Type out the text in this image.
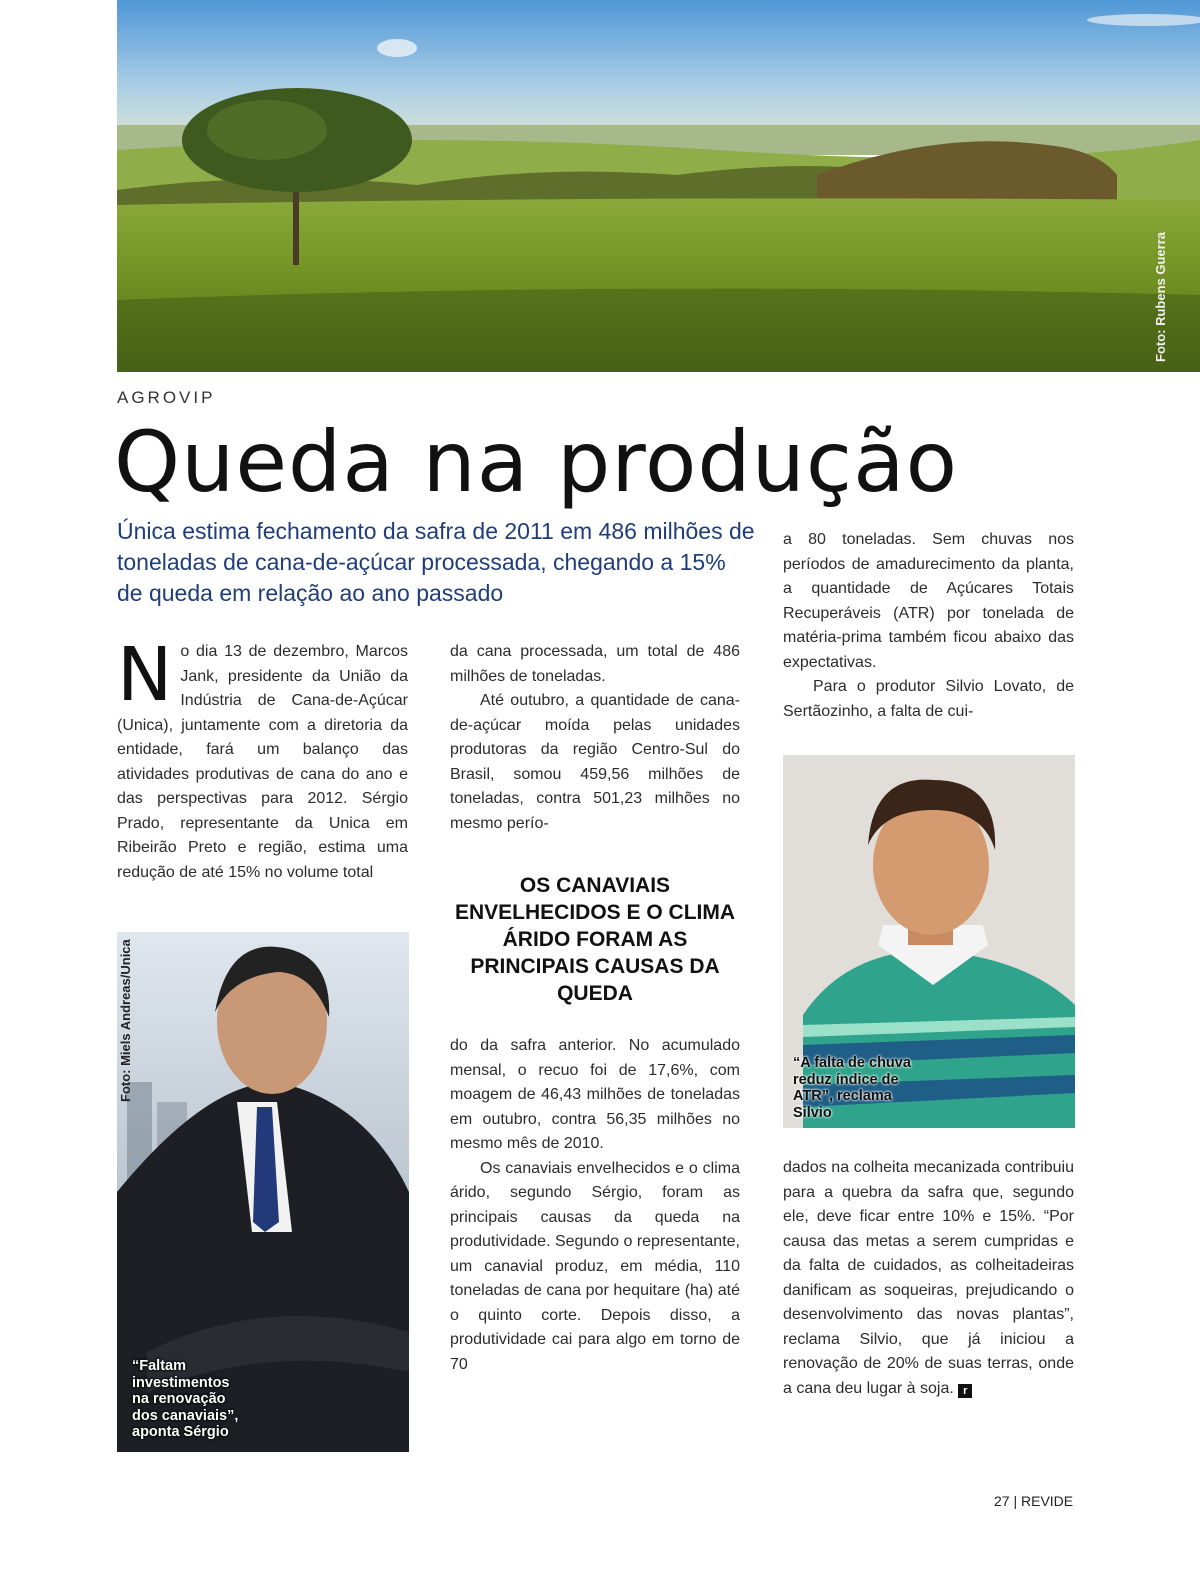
Foto: Rubens Guerra
AGROVIP
Queda na produção

Única estima fechamento da safra de 2011 em 486 milhões de toneladas de cana-de-açúcar processada, chegando a 15% de queda em relação ao ano passado

N o dia 13 de dezembro, Marcos Jank, presidente da União da Indústria de Cana-de-Açúcar (Unica), juntamente com a diretoria da entidade, fará um balanço das atividades produtivas de cana do ano e das perspectivas para 2012. Sérgio Prado, representante da Unica em Ribeirão Preto e região, estima uma redução de até 15% no volume total

Foto: Miels Andreas/Unica
“Faltam investimentos na renovação dos canaviais”, aponta Sérgio

da cana processada, um total de 486 milhões de toneladas.

Até outubro, a quantidade de cana-de-açúcar moída pelas unidades produtoras da região Centro-Sul do Brasil, somou 459,56 milhões de toneladas, contra 501,23 milhões no mesmo perío-

OS CANAVIAIS ENVELHECIDOS E O CLIMA ÁRIDO FORAM AS PRINCIPAIS CAUSAS DA QUEDA

do da safra anterior. No acumulado mensal, o recuo foi de 17,6%, com moagem de 46,43 milhões de toneladas em outubro, contra 56,35 milhões no mesmo mês de 2010.

Os canaviais envelhecidos e o clima árido, segundo Sérgio, foram as principais causas da queda na produtividade. Segundo o representante, um canavial produz, em média, 110 toneladas de cana por hequitare (ha) até o quinto corte. Depois disso, a produtividade cai para algo em torno de 70

a 80 toneladas. Sem chuvas nos períodos de amadurecimento da planta, a quantidade de Açúcares Totais Recuperáveis (ATR) por tonelada de matéria-prima também ficou abaixo das expectativas.

Para o produtor Silvio Lovato, de Sertãozinho, a falta de cui-

“A falta de chuva reduz índice de ATR”, reclama Silvio

dados na colheita mecanizada contribuiu para a quebra da safra que, segundo ele, deve ficar entre 10% e 15%. “Por causa das metas a serem cumpridas e da falta de cuidados, as colheitadeiras danificam as soqueiras, prejudicando o desenvolvimento das novas plantas”, reclama Silvio, que já iniciou a renovação de 20% de suas terras, onde a cana deu lugar à soja. r

27 | REVIDE
